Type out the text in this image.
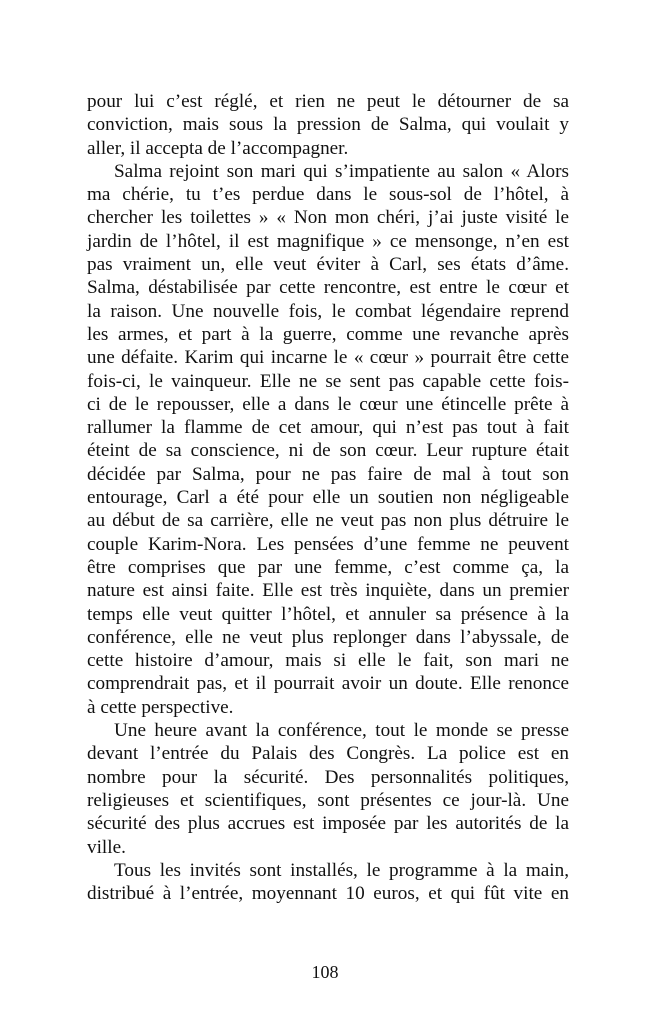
pour lui c’est réglé, et rien ne peut le détourner de sa
conviction, mais sous la pression de Salma, qui voulait y
aller, il accepta de l’accompagner.
Salma rejoint son mari qui s’impatiente au salon « Alors
ma chérie, tu t’es perdue dans le sous-sol de l’hôtel, à
chercher les toilettes » « Non mon chéri, j’ai juste visité le
jardin de l’hôtel, il est magnifique » ce mensonge, n’en est
pas vraiment un, elle veut éviter à Carl, ses états d’âme.
Salma, déstabilisée par cette rencontre, est entre le cœur et
la raison. Une nouvelle fois, le combat légendaire reprend
les armes, et part à la guerre, comme une revanche après
une défaite. Karim qui incarne le « cœur » pourrait être cette
fois-ci, le vainqueur. Elle ne se sent pas capable cette fois-
ci de le repousser, elle a dans le cœur une étincelle prête à
rallumer la flamme de cet amour, qui n’est pas tout à fait
éteint de sa conscience, ni de son cœur. Leur rupture était
décidée par Salma, pour ne pas faire de mal à tout son
entourage, Carl a été pour elle un soutien non négligeable
au début de sa carrière, elle ne veut pas non plus détruire le
couple Karim-Nora. Les pensées d’une femme ne peuvent
être comprises que par une femme, c’est comme ça, la
nature est ainsi faite. Elle est très inquiète, dans un premier
temps elle veut quitter l’hôtel, et annuler sa présence à la
conférence, elle ne veut plus replonger dans l’abyssale, de
cette histoire d’amour, mais si elle le fait, son mari ne
comprendrait pas, et il pourrait avoir un doute. Elle renonce
à cette perspective.
Une heure avant la conférence, tout le monde se presse
devant l’entrée du Palais des Congrès. La police est en
nombre pour la sécurité. Des personnalités politiques,
religieuses et scientifiques, sont présentes ce jour-là. Une
sécurité des plus accrues est imposée par les autorités de la
ville.
Tous les invités sont installés, le programme à la main,
distribué à l’entrée, moyennant 10 euros, et qui fût vite en
108
